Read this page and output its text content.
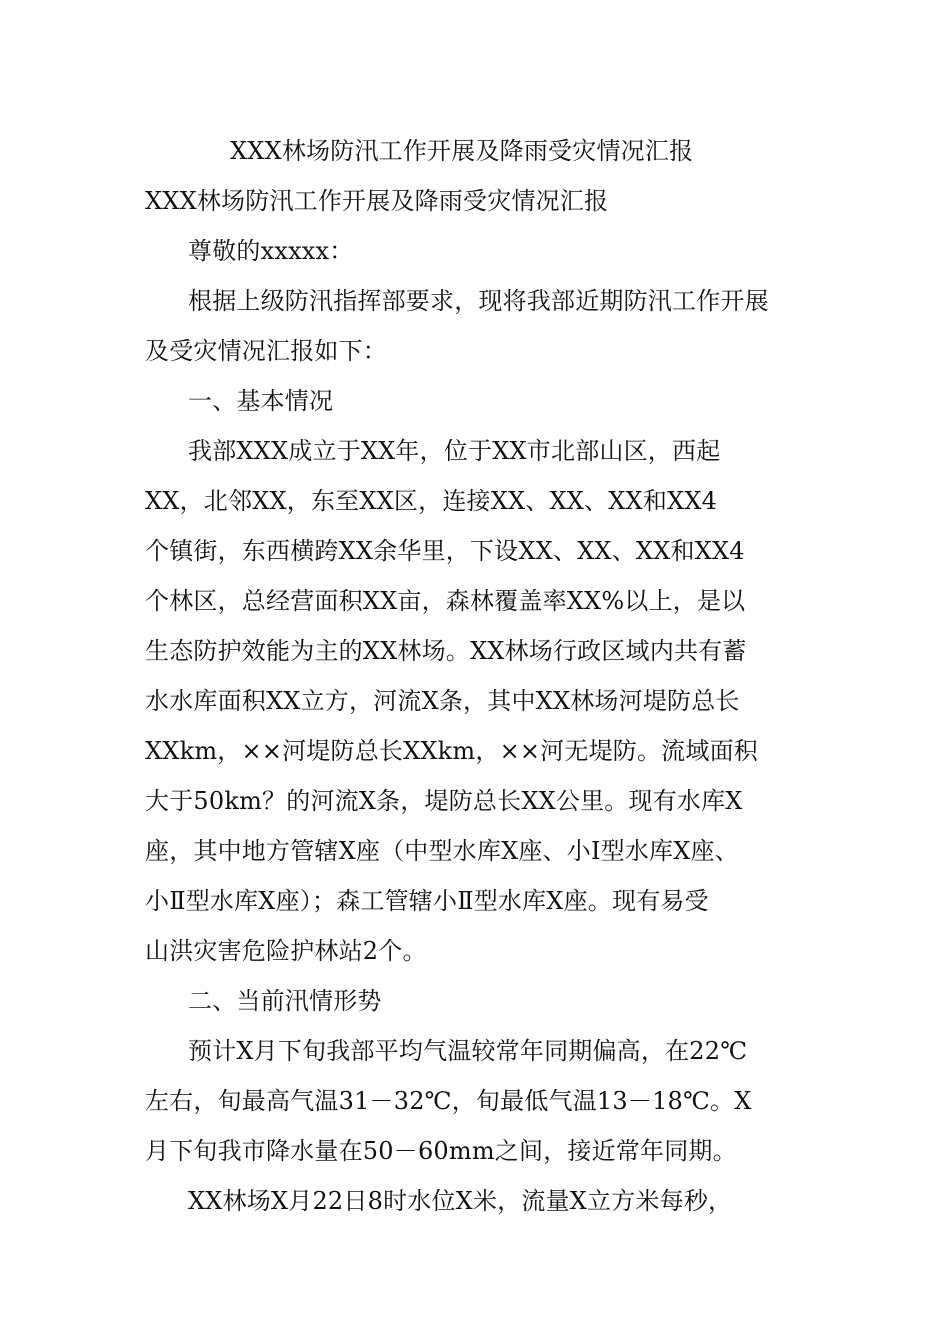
XXX林场防汛工作开展及降雨受灾情况汇报
XXX林场防汛工作开展及降雨受灾情况汇报
尊敬的xxxxx：
根据上级防汛指挥部要求，现将我部近期防汛工作开展
及受灾情况汇报如下：
一、基本情况
我部XXX成立于XX年，位于XX市北部山区，西起
XX，北邻XX，东至XX区，连接XX、XX、XX和XX4
个镇街，东西横跨XX余华里，下设XX、XX、XX和XX4
个林区，总经营面积XX亩，森林覆盖率XX%以上，是以
生态防护效能为主的XX林场。XX林场行政区域内共有蓄
水水库面积XX立方，河流X条，其中XX林场河堤防总长
XXkm，××河堤防总长XXkm，××河无堤防。流域面积
大于50km？的河流X条，堤防总长XX公里。现有水库X
座，其中地方管辖X座（中型水库X座、小Ⅰ型水库X座、
小Ⅱ型水库X座）；森工管辖小Ⅱ型水库X座。现有易受
山洪灾害危险护林站2个。
二、当前汛情形势
预计X月下旬我部平均气温较常年同期偏高，在22℃
左右，旬最高气温31－32℃，旬最低气温13－18℃。X
月下旬我市降水量在50－60mm之间，接近常年同期。
XX林场X月22日8时水位X米，流量X立方米每秒，
